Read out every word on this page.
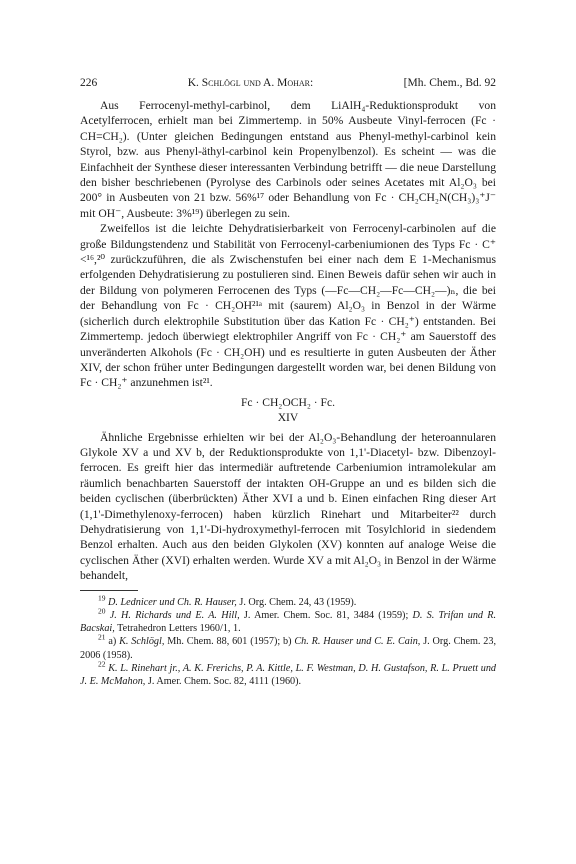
226	K. Schlögl und A. Mohar:	[Mh. Chem., Bd. 92

Aus Ferrocenyl-methyl-carbinol, dem LiAlH₄-Reduktionsprodukt von Acetylferrocen, erhielt man bei Zimmertemp. in 50% Ausbeute Vinyl-ferrocen (Fc · CH=CH₂). (Unter gleichen Bedingungen entstand aus Phenyl-methyl-carbinol kein Styrol, bzw. aus Phenyl-äthyl-carbinol kein Propenylbenzol). Es scheint — was die Einfachheit der Synthese dieser interessanten Verbindung betrifft — die neue Darstellung den bisher beschriebenen (Pyrolyse des Carbinols oder seines Acetates mit Al₂O₃ bei 200° in Ausbeuten von 21 bzw. 56%¹⁷ oder Behandlung von Fc · CH₂CH₂N(CH₃)₃⁺J⁻ mit OH⁻, Ausbeute: 3%¹⁹) überlegen zu sein.

Zweifellos ist die leichte Dehydratisierbarkeit von Ferrocenyl-carbinolen auf die große Bildungstendenz und Stabilität von Ferrocenyl-carbeniumionen des Typs Fc · C⁺ <¹⁶,²⁰ zurückzuführen, die als Zwischenstufen bei einer nach dem E 1-Mechanismus erfolgenden Dehydratisierung zu postulieren sind. Einen Beweis dafür sehen wir auch in der Bildung von polymeren Ferrocenen des Typs (—Fc—CH₂—Fc—CH₂—)ₙ, die bei der Behandlung von Fc · CH₂OH²¹ᵃ mit (saurem) Al₂O₃ in Benzol in der Wärme (sicherlich durch elektrophile Substitution über das Kation Fc · CH₂⁺) entstanden. Bei Zimmertemp. jedoch überwiegt elektrophiler Angriff von Fc · CH₂⁺ am Sauerstoff des unveränderten Alkohols (Fc · CH₂OH) und es resultierte in guten Ausbeuten der Äther XIV, der schon früher unter Bedingungen dargestellt worden war, bei denen Bildung von Fc · CH₂⁺ anzunehmen ist²¹.

Fc · CH₂OCH₂ · Fc.
XIV

Ähnliche Ergebnisse erhielten wir bei der Al₂O₃-Behandlung der heteroannularen Glykole XV a und XV b, der Reduktionsprodukte von 1,1'-Diacetyl- bzw. Dibenzoyl-ferrocen. Es greift hier das intermediär auftretende Carbeniumion intramolekular am räumlich benachbarten Sauerstoff der intakten OH-Gruppe an und es bilden sich die beiden cyclischen (überbrückten) Äther XVI a und b. Einen einfachen Ring dieser Art (1,1'-Dimethylenoxy-ferrocen) haben kürzlich Rinehart und Mitarbeiter²² durch Dehydratisierung von 1,1'-Di-hydroxymethyl-ferrocen mit Tosylchlorid in siedendem Benzol erhalten. Auch aus den beiden Glykolen (XV) konnten auf analoge Weise die cyclischen Äther (XVI) erhalten werden. Wurde XV a mit Al₂O₃ in Benzol in der Wärme behandelt,

$^{19}$ D. Lednicer und Ch. R. Hauser, J. Org. Chem. 24, 43 (1959).

$^{20}$ J. H. Richards und E. A. Hill, J. Amer. Chem. Soc. 81, 3484 (1959); D. S. Trifan und R. Bacskai, Tetrahedron Letters 1960/1, 1.

$^{21}$ a) K. Schlögl, Mh. Chem. 88, 601 (1957); b) Ch. R. Hauser und C. E. Cain, J. Org. Chem. 23, 2006 (1958).

$^{22}$ K. L. Rinehart jr., A. K. Frerichs, P. A. Kittle, L. F. Westman, D. H. Gustafson, R. L. Pruett und J. E. McMahon, J. Amer. Chem. Soc. 82, 4111 (1960).
